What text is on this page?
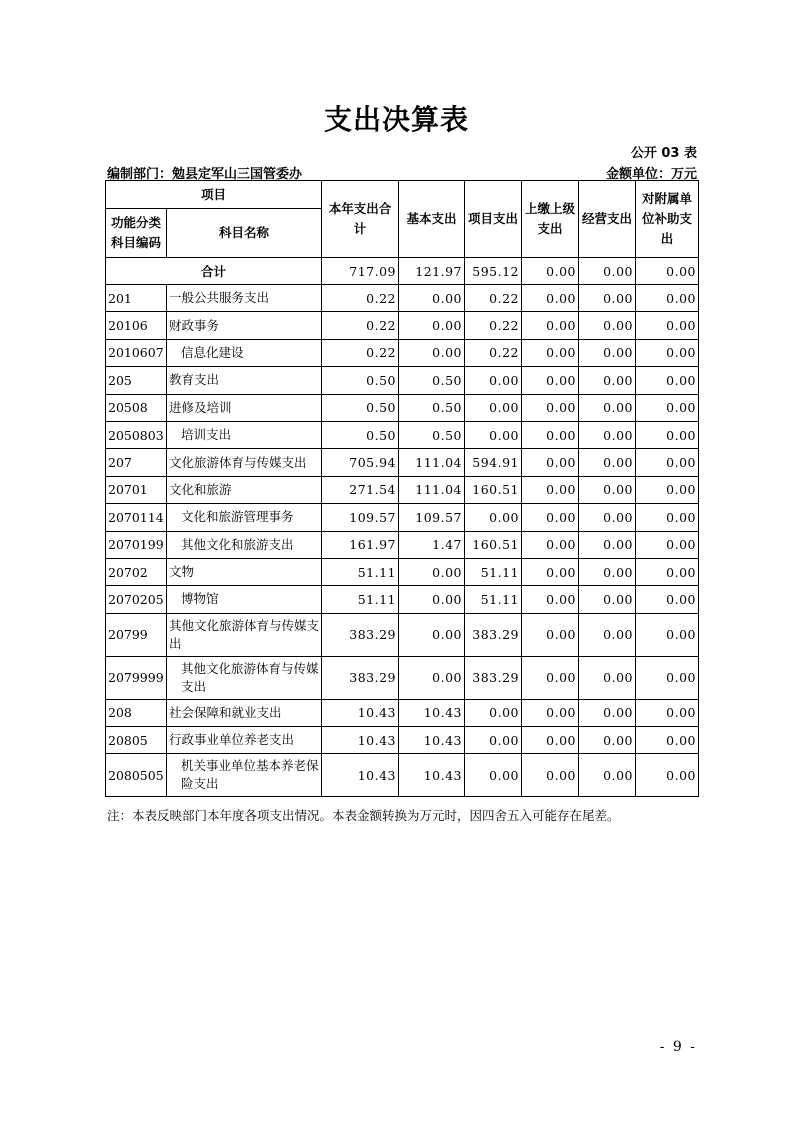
支出决算表
公开 03 表
编制部门：勉县定军山三国管委办	金额单位：万元
项目		本年支出合计	基本支出	项目支出	上缴上级支出	经营支出	对附属单位补助支出
功能分类科目编码	科目名称						
合计		717.09	121.97	595.12	0.00	0.00	0.00
201	一般公共服务支出	0.22	0.00	0.22	0.00	0.00	0.00
20106	财政事务	0.22	0.00	0.22	0.00	0.00	0.00
2010607	信息化建设	0.22	0.00	0.22	0.00	0.00	0.00
205	教育支出	0.50	0.50	0.00	0.00	0.00	0.00
20508	进修及培训	0.50	0.50	0.00	0.00	0.00	0.00
2050803	培训支出	0.50	0.50	0.00	0.00	0.00	0.00
207	文化旅游体育与传媒支出	705.94	111.04	594.91	0.00	0.00	0.00
20701	文化和旅游	271.54	111.04	160.51	0.00	0.00	0.00
2070114	文化和旅游管理事务	109.57	109.57	0.00	0.00	0.00	0.00
2070199	其他文化和旅游支出	161.97	1.47	160.51	0.00	0.00	0.00
20702	文物	51.11	0.00	51.11	0.00	0.00	0.00
2070205	博物馆	51.11	0.00	51.11	0.00	0.00	0.00
20799	其他文化旅游体育与传媒支出	383.29	0.00	383.29	0.00	0.00	0.00
2079999	其他文化旅游体育与传媒支出	383.29	0.00	383.29	0.00	0.00	0.00
208	社会保障和就业支出	10.43	10.43	0.00	0.00	0.00	0.00
20805	行政事业单位养老支出	10.43	10.43	0.00	0.00	0.00	0.00
2080505	机关事业单位基本养老保险支出	10.43	10.43	0.00	0.00	0.00	0.00
注：本表反映部门本年度各项支出情况。本表金额转换为万元时，因四舍五入可能存在尾差。
- 9 -
